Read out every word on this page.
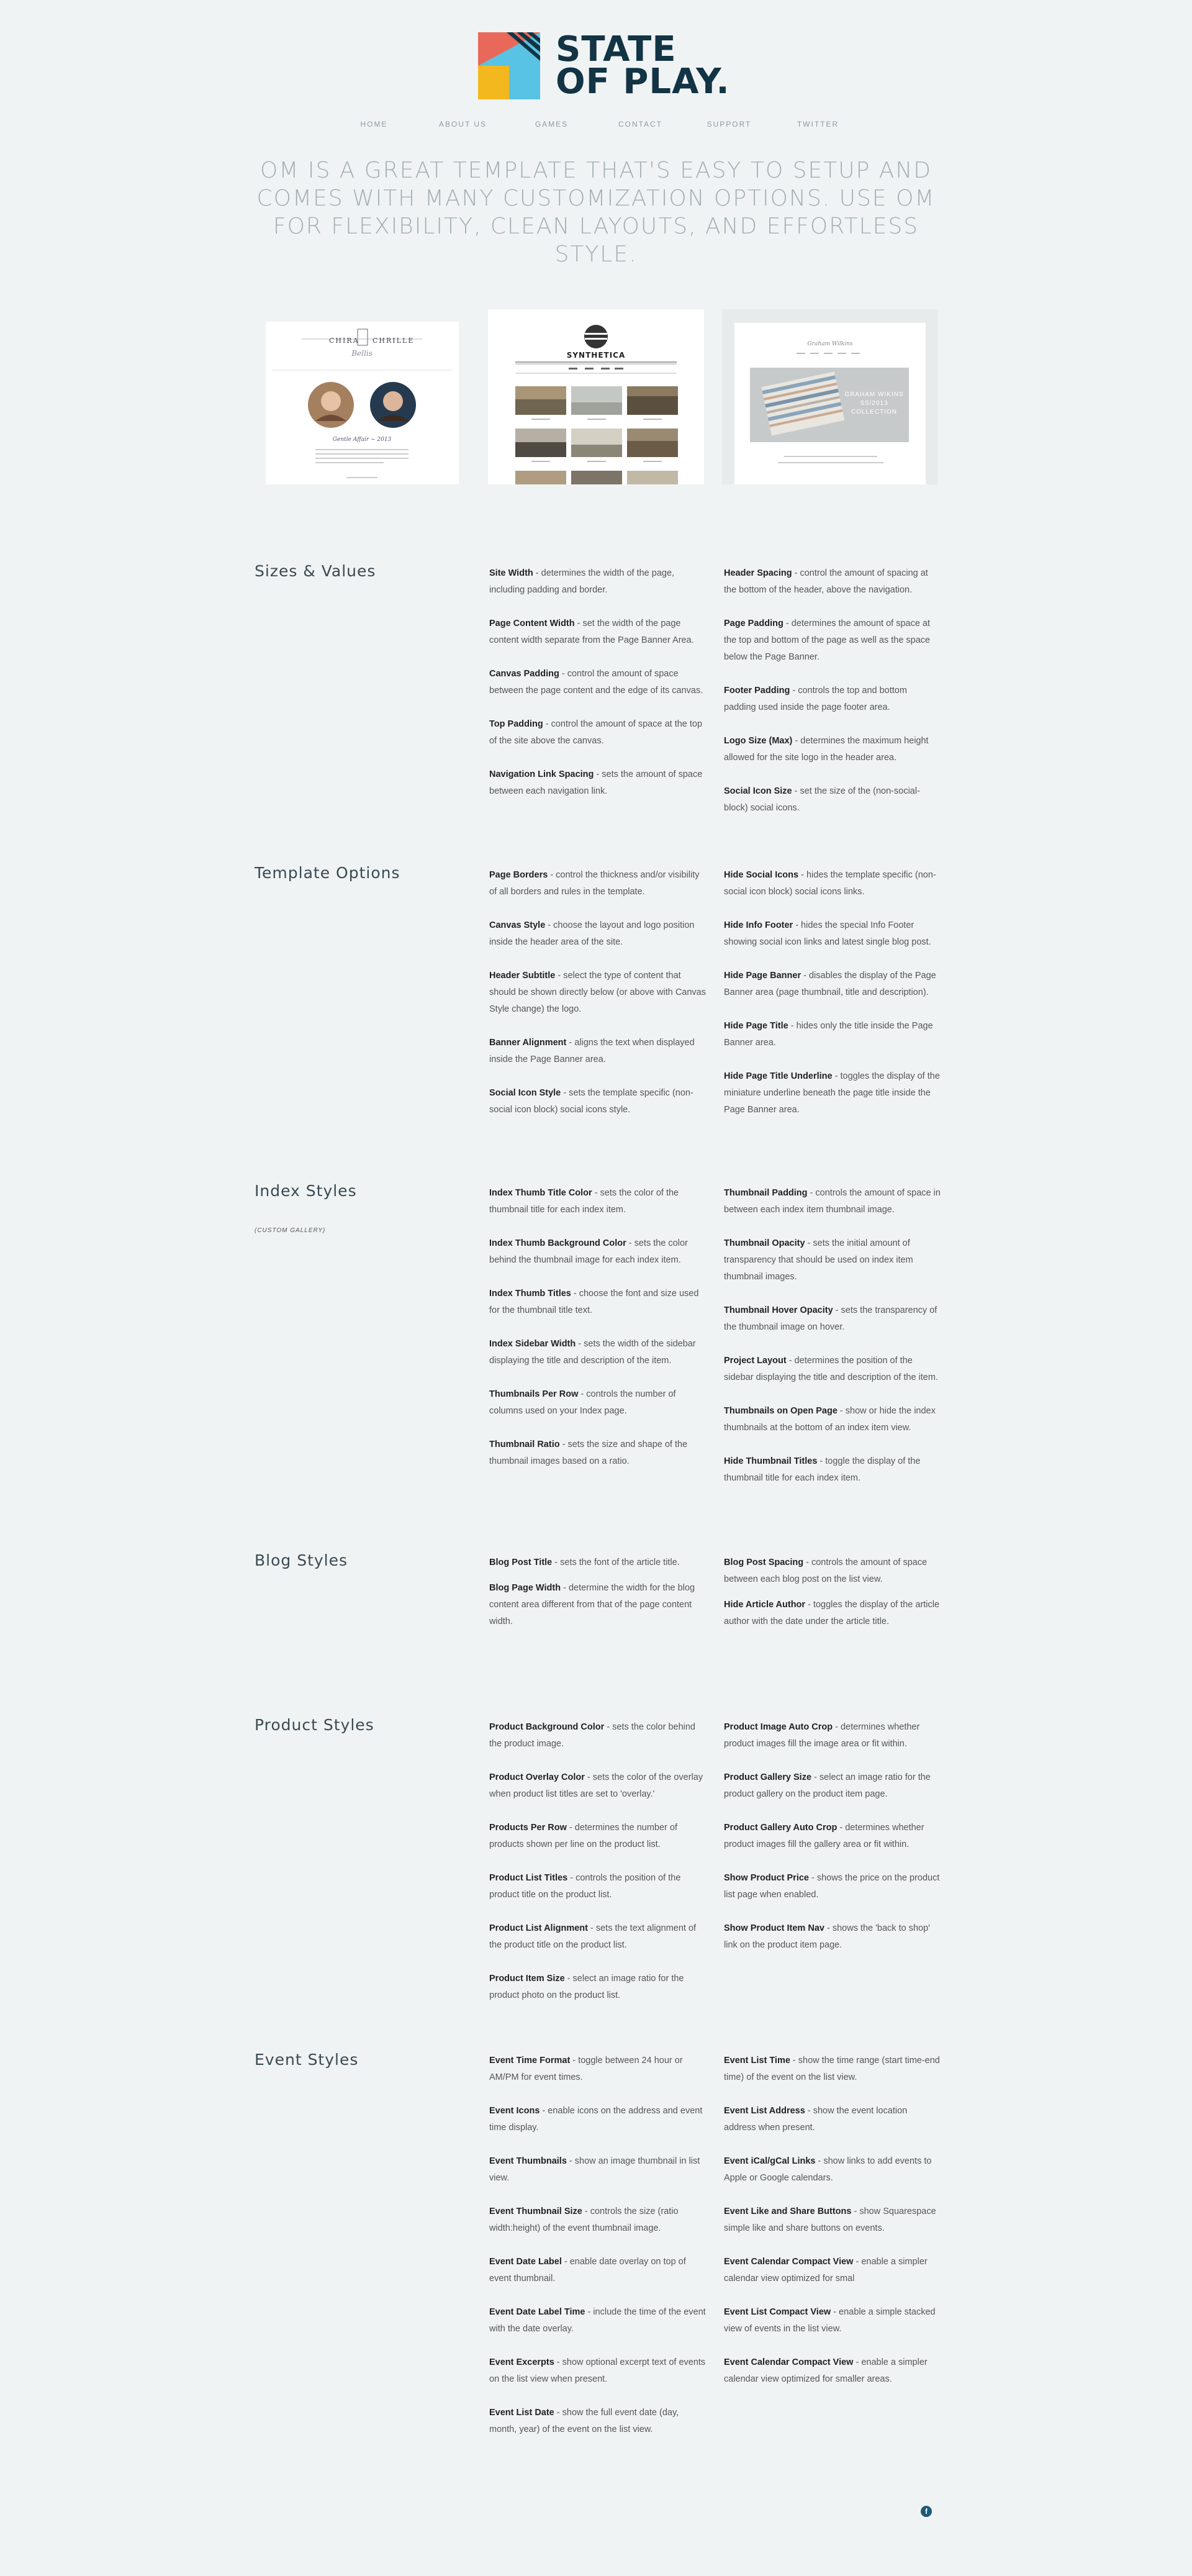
STATE
OF PLAY.
HOME	ABOUT US	GAMES	CONTACT	SUPPORT	TWITTER
OM IS A GREAT TEMPLATE THAT'S EASY TO SETUP AND COMES WITH MANY CUSTOMIZATION OPTIONS. USE OM FOR FLEXIBILITY, CLEAN LAYOUTS, AND EFFORTLESS STYLE.
CHIRA CHRILLE
Bellis
Gentle Affair ~ 2013
SYNTHETICA
Graham Wilkins
GRAHAM WIKINS
SS/2013
COLLECTION
Sizes & Values	Site Width - determines the width of the page, including padding and border.

Page Content Width - set the width of the page content width separate from the Page Banner Area.

Canvas Padding - control the amount of space between the page content and the edge of its canvas.

Top Padding - control the amount of space at the top of the site above the canvas.

Navigation Link Spacing - sets the amount of space between each navigation link.

Header Spacing - control the amount of spacing at the bottom of the header, above the navigation.

Page Padding - determines the amount of space at the top and bottom of the page as well as the space below the Page Banner.

Footer Padding - controls the top and bottom padding used inside the page footer area.

Logo Size (Max) - determines the maximum height allowed for the site logo in the header area.

Social Icon Size - set the size of the (non-social-block) social icons.

Template Options	Page Borders - control the thickness and/or visibility of all borders and rules in the template.

Canvas Style - choose the layout and logo position inside the header area of the site.

Header Subtitle - select the type of content that should be shown directly below (or above with Canvas Style change) the logo.

Banner Alignment - aligns the text when displayed inside the Page Banner area.

Social Icon Style - sets the template specific (non-social icon block) social icons style.

Hide Social Icons - hides the template specific (non-social icon block) social icons links.

Hide Info Footer - hides the special Info Footer showing social icon links and latest single blog post.

Hide Page Banner - disables the display of the Page Banner area (page thumbnail, title and description).

Hide Page Title - hides only the title inside the Page Banner area.

Hide Page Title Underline - toggles the display of the miniature underline beneath the page title inside the Page Banner area.

Index Styles
(CUSTOM GALLERY)

Index Thumb Title Color - sets the color of the thumbnail title for each index item.

Index Thumb Background Color - sets the color behind the thumbnail image for each index item.

Index Thumb Titles - choose the font and size used for the thumbnail title text.

Index Sidebar Width - sets the width of the sidebar displaying the title and description of the item.

Thumbnails Per Row - controls the number of columns used on your Index page.

Thumbnail Ratio - sets the size and shape of the thumbnail images based on a ratio.

Thumbnail Padding - controls the amount of space in between each index item thumbnail image.

Thumbnail Opacity - sets the initial amount of transparency that should be used on index item thumbnail images.

Thumbnail Hover Opacity - sets the transparency of the thumbnail image on hover.

Project Layout - determines the position of the sidebar displaying the title and description of the item.

Thumbnails on Open Page - show or hide the index thumbnails at the bottom of an index item view.

Hide Thumbnail Titles - toggle the display of the thumbnail title for each index item.

Blog Styles	Blog Post Title - sets the font of the article title.

Blog Page Width - determine the width for the blog content area different from that of the page content width.

Blog Post Spacing - controls the amount of space between each blog post on the list view.

Hide Article Author - toggles the display of the article author with the date under the article title.

Product Styles	Product Background Color - sets the color behind the product image.

Product Overlay Color - sets the color of the overlay when product list titles are set to 'overlay.'

Products Per Row - determines the number of products shown per line on the product list.

Product List Titles - controls the position of the product title on the product list.

Product List Alignment - sets the text alignment of the product title on the product list.

Product Item Size - select an image ratio for the product photo on the product list.

Product Image Auto Crop - determines whether product images fill the image area or fit within.

Product Gallery Size - select an image ratio for the product gallery on the product item page.

Product Gallery Auto Crop - determines whether product images fill the gallery area or fit within.

Show Product Price - shows the price on the product list page when enabled.

Show Product Item Nav - shows the 'back to shop' link on the product item page.

Event Styles	Event Time Format - toggle between 24 hour or AM/PM for event times.

Event Icons - enable icons on the address and event time display.

Event Thumbnails - show an image thumbnail in list view.

Event Thumbnail Size - controls the size (ratio width:height) of the event thumbnail image.

Event Date Label - enable date overlay on top of event thumbnail.

Event Date Label Time - include the time of the event with the date overlay.

Event Excerpts - show optional excerpt text of events on the list view when present.

Event List Date - show the full event date (day, month, year) of the event on the list view.

Event List Time - show the time range (start time-end time) of the event on the list view.

Event List Address - show the event location address when present.

Event iCal/gCal Links - show links to add events to Apple or Google calendars.

Event Like and Share Buttons - show Squarespace simple like and share buttons on events.

Event Calendar Compact View - enable a simpler calendar view optimized for smal

Event List Compact View - enable a simple stacked view of events in the list view.

Event Calendar Compact View - enable a simpler calendar view optimized for smaller areas.

f
